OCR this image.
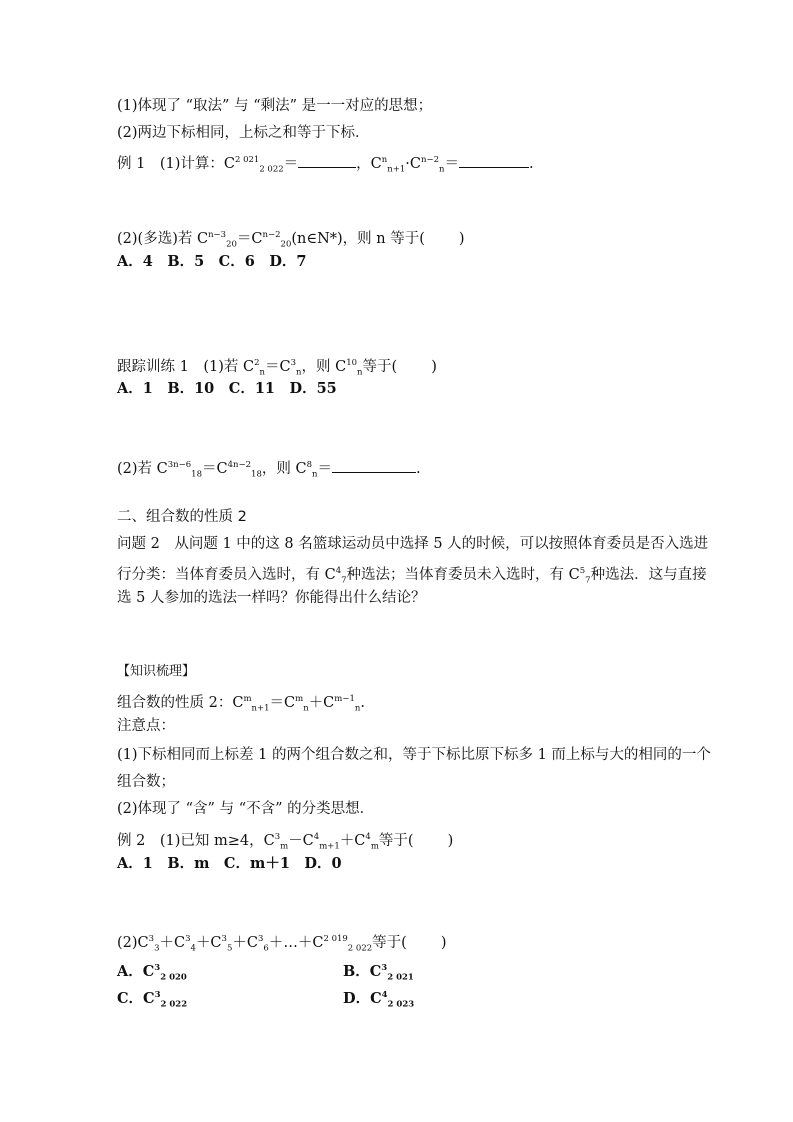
(1)体现了 “取法” 与 “剩法” 是一一对应的思想；

(2)两边下标相同，上标之和等于下标．

例 1　(1)计算：$C^{2 021}_{2 022}=$	，$C^n_{n+1}\cdot C^{n-2}_n=$	.

(2)(多选)若 $C^{n-3}_{20}=C^{n-2}_{20}(n\in N*)$，则 n 等于( )

A．4　B．5　C．6　D．7

跟踪训练 1　(1)若 $C^2_n=C^3_n$，则 $C^{10}_n$等于( )

A．1　B．10　C．11　D．55

(2)若 $C^{3n-6}_{18}=C^{4n-2}_{18}$，则 $C^8_n=$	.

二、组合数的性质 2

问题 2　从问题 1 中的这 8 名篮球运动员中选择 5 人的时候，可以按照体育委员是否入选进

行分类：当体育委员入选时，有 $C^4_7$种选法；当体育委员未入选时，有 $C^5_7$种选法．这与直接

选 5 人参加的选法一样吗？你能得出什么结论？

【知识梳理】

组合数的性质 2：$C^m_{n+1}=C^m_n+C^{m-1}_n$.

注意点：

(1)下标相同而上标差 1 的两个组合数之和，等于下标比原下标多 1 而上标与大的相同的一个

组合数；

(2)体现了 “含” 与 “不含” 的分类思想．

例 2　(1)已知 m≥4，$C^3_m-C^4_{m+1}+C^4_m$等于( )

A．1　B．m　C．m＋1　D．0

$(2)C^3_3+C^3_4+C^3_5+C^3_6+\dots+C^{2 019}_{2 022}$等于( )

A．$C^3_{2 020}$	B．$C^3_{2 021}$

C．$C^3_{2 022}$	D．$C^4_{2 023}$
